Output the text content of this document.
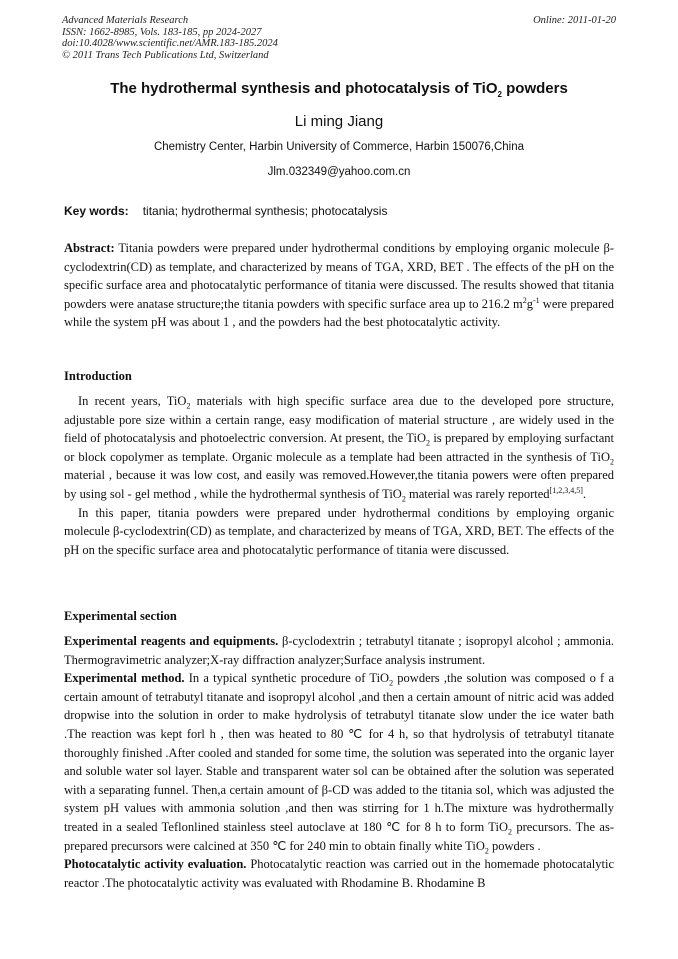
Advanced Materials Research
ISSN: 1662-8985, Vols. 183-185, pp 2024-2027
doi:10.4028/www.scientific.net/AMR.183-185.2024
© 2011 Trans Tech Publications Ltd, Switzerland
Online: 2011-01-20
The hydrothermal synthesis and photocatalysis of TiO$_2$ powders
Li ming Jiang
Chemistry Center, Harbin University of Commerce, Harbin 150076,China
Jlm.032349@yahoo.com.cn
Key words: titania; hydrothermal synthesis; photocatalysis

Abstract: Titania powders were prepared under hydrothermal conditions by employing organic molecule β-cyclodextrin(CD) as template, and characterized by means of TGA, XRD, BET . The effects of the pH on the specific surface area and photocatalytic performance of titania were discussed. The results showed that titania powders were anatase structure;the titania powders with specific surface area up to 216.2 $m^2g^{-1}$ were prepared while the system pH was about 1 , and the powders had the best photocatalytic activity.

Introduction

In recent years, TiO$_2$ materials with high specific surface area due to the developed pore structure, adjustable pore size within a certain range, easy modification of material structure , are widely used in the field of photocatalysis and photoelectric conversion. At present, the TiO$_2$ is prepared by employing surfactant or block copolymer as template. Organic molecule as a template had been attracted in the synthesis of TiO$_2$ material , because it was low cost, and easily was removed.However,the titania powers were often prepared by using sol - gel method , while the hydrothermal synthesis of TiO$_2$ material was rarely reported[1,2,3,4,5].

In this paper, titania powders were prepared under hydrothermal conditions by employing organic molecule β-cyclodextrin(CD) as template, and characterized by means of TGA, XRD, BET. The effects of the pH on the specific surface area and photocatalytic performance of titania were discussed.

Experimental section

Experimental reagents and equipments. β-cyclodextrin ; tetrabutyl titanate ; isopropyl alcohol ; ammonia. Thermogravimetric analyzer;X-ray diffraction analyzer;Surface analysis instrument.

Experimental method. In a typical synthetic procedure of TiO$_2$ powders ,the solution was composed o f a certain amount of tetrabutyl titanate and isopropyl alcohol ,and then a certain amount of nitric acid was added dropwise into the solution in order to make hydrolysis of tetrabutyl titanate slow under the ice water bath .The reaction was kept forl h , then was heated to 80 ℃ for 4 h, so that hydrolysis of tetrabutyl titanate thoroughly finished .After cooled and standed for some time, the solution was seperated into the organic layer and soluble water sol layer. Stable and transparent water sol can be obtained after the solution was seperated with a separating funnel. Then,a certain amount of β-CD was added to the titania sol, which was adjusted the system pH values with ammonia solution ,and then was stirring for 1 h.The mixture was hydrothermally treated in a sealed Teflonlined stainless steel autoclave at 180 ℃ for 8 h to form TiO$_2$ precursors. The as-prepared precursors were calcined at 350 ℃ for 240 min to obtain finally white TiO$_2$ powders .

Photocatalytic activity evaluation. Photocatalytic reaction was carried out in the homemade photocatalytic reactor .The photocatalytic activity was evaluated with Rhodamine B. Rhodamine B
